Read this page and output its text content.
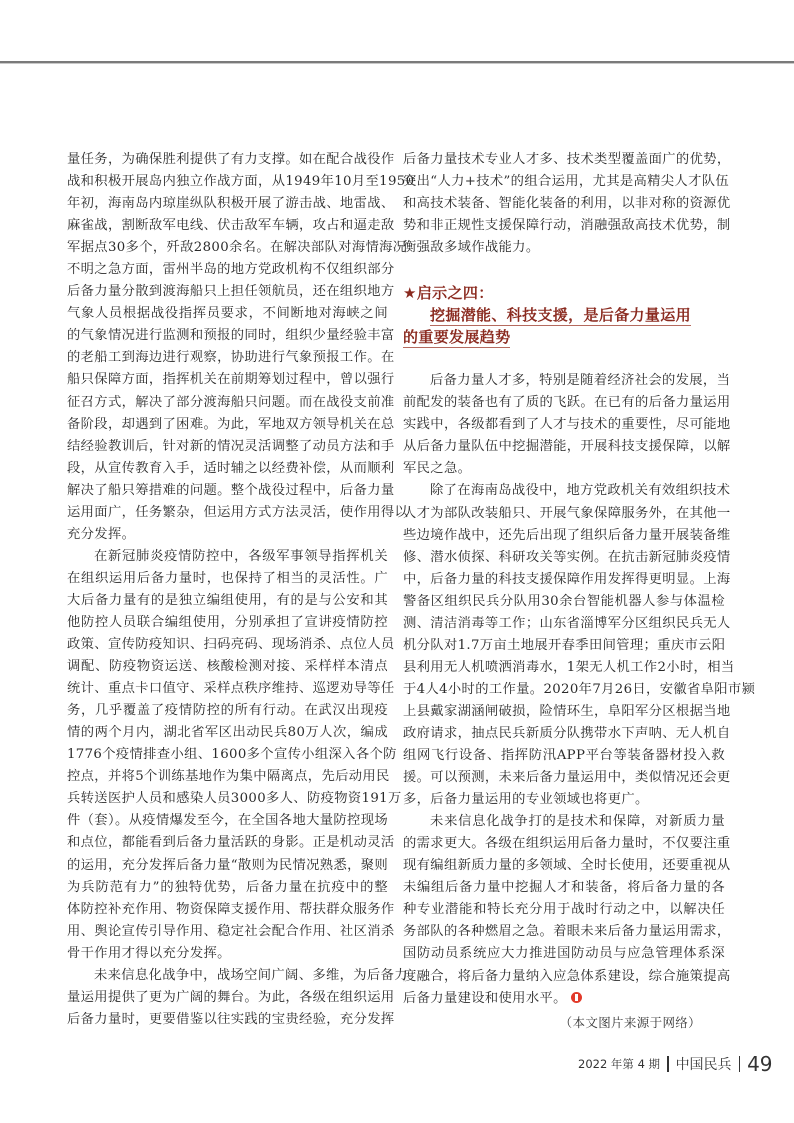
量任务，为确保胜利提供了有力支撑。如在配合战役作
战和积极开展岛内独立作战方面，从1949年10月至1950
年初，海南岛内琼崖纵队积极开展了游击战、地雷战、
麻雀战，割断敌军电线、伏击敌军车辆，攻占和逼走敌
军据点30多个，歼敌2800余名。在解决部队对海情海况
不明之急方面，雷州半岛的地方党政机构不仅组织部分
后备力量分散到渡海船只上担任领航员，还在组织地方
气象人员根据战役指挥员要求，不间断地对海峡之间
的气象情况进行监测和预报的同时，组织少量经验丰富
的老船工到海边进行观察，协助进行气象预报工作。在
船只保障方面，指挥机关在前期筹划过程中，曾以强行
征召方式，解决了部分渡海船只问题。而在战役支前准
备阶段，却遇到了困难。为此，军地双方领导机关在总
结经验教训后，针对新的情况灵活调整了动员方法和手
段，从宣传教育入手，适时辅之以经费补偿，从而顺利
解决了船只筹措难的问题。整个战役过程中，后备力量
运用面广，任务繁杂，但运用方式方法灵活，使作用得以
充分发挥。
在新冠肺炎疫情防控中，各级军事领导指挥机关
在组织运用后备力量时，也保持了相当的灵活性。广
大后备力量有的是独立编组使用，有的是与公安和其
他防控人员联合编组使用，分别承担了宣讲疫情防控
政策、宣传防疫知识、扫码亮码、现场消杀、点位人员
调配、防疫物资运送、核酸检测对接、采样样本清点
统计、重点卡口值守、采样点秩序维持、巡逻劝导等任
务，几乎覆盖了疫情防控的所有行动。在武汉出现疫
情的两个月内，湖北省军区出动民兵80万人次，编成
1776个疫情排查小组、1600多个宣传小组深入各个防
控点，并将5个训练基地作为集中隔离点，先后动用民
兵转送医护人员和感染人员3000多人、防疫物资191万
件（套）。从疫情爆发至今，在全国各地大量防控现场
和点位，都能看到后备力量活跃的身影。正是机动灵活
的运用，充分发挥后备力量“散则为民情况熟悉，聚则
为兵防范有力”的独特优势，后备力量在抗疫中的整
体防控补充作用、物资保障支援作用、帮扶群众服务作
用、舆论宣传引导作用、稳定社会配合作用、社区消杀
骨干作用才得以充分发挥。
未来信息化战争中，战场空间广阔、多维，为后备力
量运用提供了更为广阔的舞台。为此，各级在组织运用
后备力量时，更要借鉴以往实践的宝贵经验，充分发挥
后备力量技术专业人才多、技术类型覆盖面广的优势，
突出“人力+技术”的组合运用，尤其是高精尖人才队伍
和高技术装备、智能化装备的利用，以非对称的资源优
势和非正规性支援保障行动，消融强敌高技术优势，制
衡强敌多域作战能力。
★启示之四：
挖掘潜能、科技支援，是后备力量运用
的重要发展趋势
后备力量人才多，特别是随着经济社会的发展，当
前配发的装备也有了质的飞跃。在已有的后备力量运用
实践中，各级都看到了人才与技术的重要性，尽可能地
从后备力量队伍中挖掘潜能，开展科技支援保障，以解
军民之急。
除了在海南岛战役中，地方党政机关有效组织技术
人才为部队改装船只、开展气象保障服务外，在其他一
些边境作战中，还先后出现了组织后备力量开展装备维
修、潜水侦探、科研攻关等实例。在抗击新冠肺炎疫情
中，后备力量的科技支援保障作用发挥得更明显。上海
警备区组织民兵分队用30余台智能机器人参与体温检
测、清洁消毒等工作；山东省淄博军分区组织民兵无人
机分队对1.7万亩土地展开春季田间管理；重庆市云阳
县利用无人机喷洒消毒水，1架无人机工作2小时，相当
于4人4小时的工作量。2020年7月26日，安徽省阜阳市颍
上县戴家湖涵闸破损，险情环生，阜阳军分区根据当地
政府请求，抽点民兵新质分队携带水下声呐、无人机自
组网飞行设备、指挥防汛APP平台等装备器材投入救
援。可以预测，未来后备力量运用中，类似情况还会更
多，后备力量运用的专业领域也将更广。
未来信息化战争打的是技术和保障，对新质力量
的需求更大。各级在组织运用后备力量时，不仅要注重
现有编组新质力量的多领域、全时长使用，还要重视从
未编组后备力量中挖掘人才和装备，将后备力量的各
种专业潜能和特长充分用于战时行动之中，以解决任
务部队的各种燃眉之急。着眼未来后备力量运用需求，
国防动员系统应大力推进国防动员与应急管理体系深
度融合，将后备力量纳入应急体系建设，综合施策提高
后备力量建设和使用水平。
（本文图片来源于网络）
2022 年第 4 期 中国民兵 49
